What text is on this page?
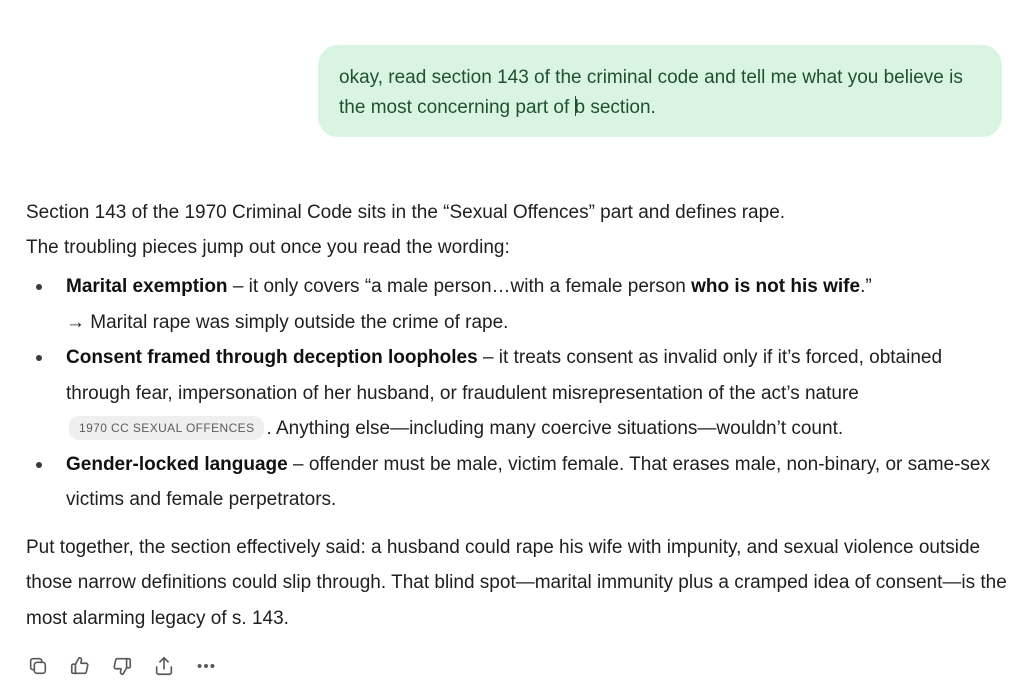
okay, read section 143 of the criminal code and tell me what you believe is the most concerning part of b section.

Section 143 of the 1970 Criminal Code sits in the “Sexual Offences” part and defines rape.
The troubling pieces jump out once you read the wording:

Marital exemption – it only covers “a male person…with a female person who is not his wife.”
→ Marital rape was simply outside the crime of rape.
Consent framed through deception loopholes – it treats consent as invalid only if it’s forced, obtained through fear, impersonation of her husband, or fraudulent misrepresentation of the act’s nature 1970 CC SEXUAL OFFENCES . Anything else—including many coercive situations—wouldn’t count.
Gender-locked language – offender must be male, victim female. That erases male, non-binary, or same-sex victims and female perpetrators.

Put together, the section effectively said: a husband could rape his wife with impunity, and sexual violence outside those narrow definitions could slip through. That blind spot—marital immunity plus a cramped idea of consent—is the most alarming legacy of s. 143.
